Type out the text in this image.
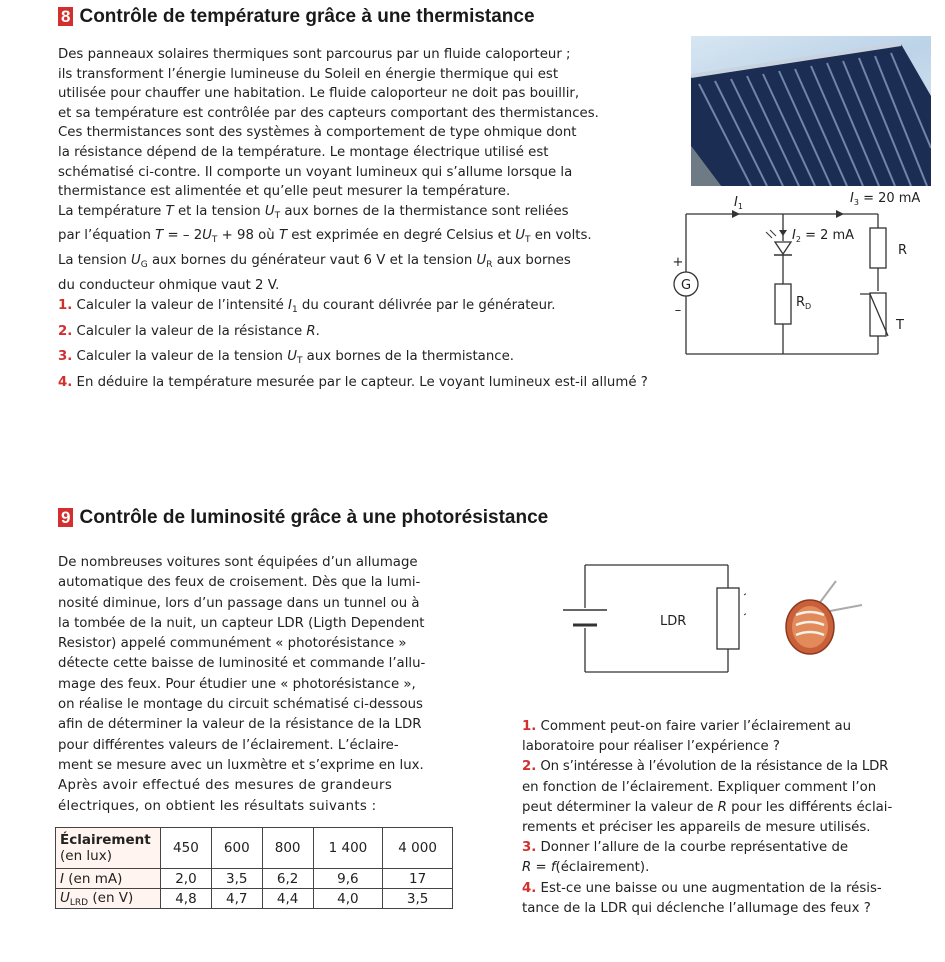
8 Contrôle de température grâce à une thermistance
Des panneaux solaires thermiques sont parcourus par un fluide caloporteur ;
ils transforment l’énergie lumineuse du Soleil en énergie thermique qui est
utilisée pour chauffer une habitation. Le fluide caloporteur ne doit pas bouillir,
et sa température est contrôlée par des capteurs comportant des thermistances.
Ces thermistances sont des systèmes à comportement de type ohmique dont
la résistance dépend de la température. Le montage électrique utilisé est
schématisé ci-contre. Il comporte un voyant lumineux qui s’allume lorsque la
thermistance est alimentée et qu’elle peut mesurer la température.
La température T et la tension $U_T$ aux bornes de la thermistance sont reliées
par l’équation T = – $2U_T + 98$ où T est exprimée en degré Celsius et $U_T$ en volts.
La tension $U_G$ aux bornes du générateur vaut 6 V et la tension $U_R$ aux bornes
du conducteur ohmique vaut 2 V.
1. Calculer la valeur de l’intensité $I_1$ du courant délivrée par le générateur.
2. Calculer la valeur de la résistance R.
3. Calculer la valeur de la tension $U_T$ aux bornes de la thermistance.
4. En déduire la température mesurée par le capteur. Le voyant lumineux est-il allumé ?
G
+
–
$I_1$
$I_3 = 20$ mA
$I_2 = 2$ mA
R
$R_D$
T
9 Contrôle de luminosité grâce à une photorésistance
De nombreuses voitures sont équipées d’un allumage
automatique des feux de croisement. Dès que la lumi-
nosité diminue, lors d’un passage dans un tunnel ou à
la tombée de la nuit, un capteur LDR (Ligth Dependent
Resistor) appelé communément « photorésistance »
détecte cette baisse de luminosité et commande l’allu-
mage des feux. Pour étudier une « photorésistance »,
on réalise le montage du circuit schématisé ci-dessous
afin de déterminer la valeur de la résistance de la LDR
pour différentes valeurs de l’éclairement. L’éclaire-
ment se mesure avec un luxmètre et s’exprime en lux.
Après avoir effectué des mesures de grandeurs
électriques, on obtient les résultats suivants :
LDR
Éclairement
(en lux)	450	600	800	1 400	4 000
I (en mA)	2,0	3,5	6,2	9,6	17
$U_{LRD}$ (en V)	4,8	4,7	4,4	4,0	3,5
1. Comment peut-on faire varier l’éclairement au
laboratoire pour réaliser l’expérience ?
2. On s’intéresse à l’évolution de la résistance de la LDR
en fonction de l’éclairement. Expliquer comment l’on
peut déterminer la valeur de R pour les différents éclai-
rements et préciser les appareils de mesure utilisés.
3. Donner l’allure de la courbe représentative de
R = f(éclairement).
4. Est-ce une baisse ou une augmentation de la résis-
tance de la LDR qui déclenche l’allumage des feux ?
